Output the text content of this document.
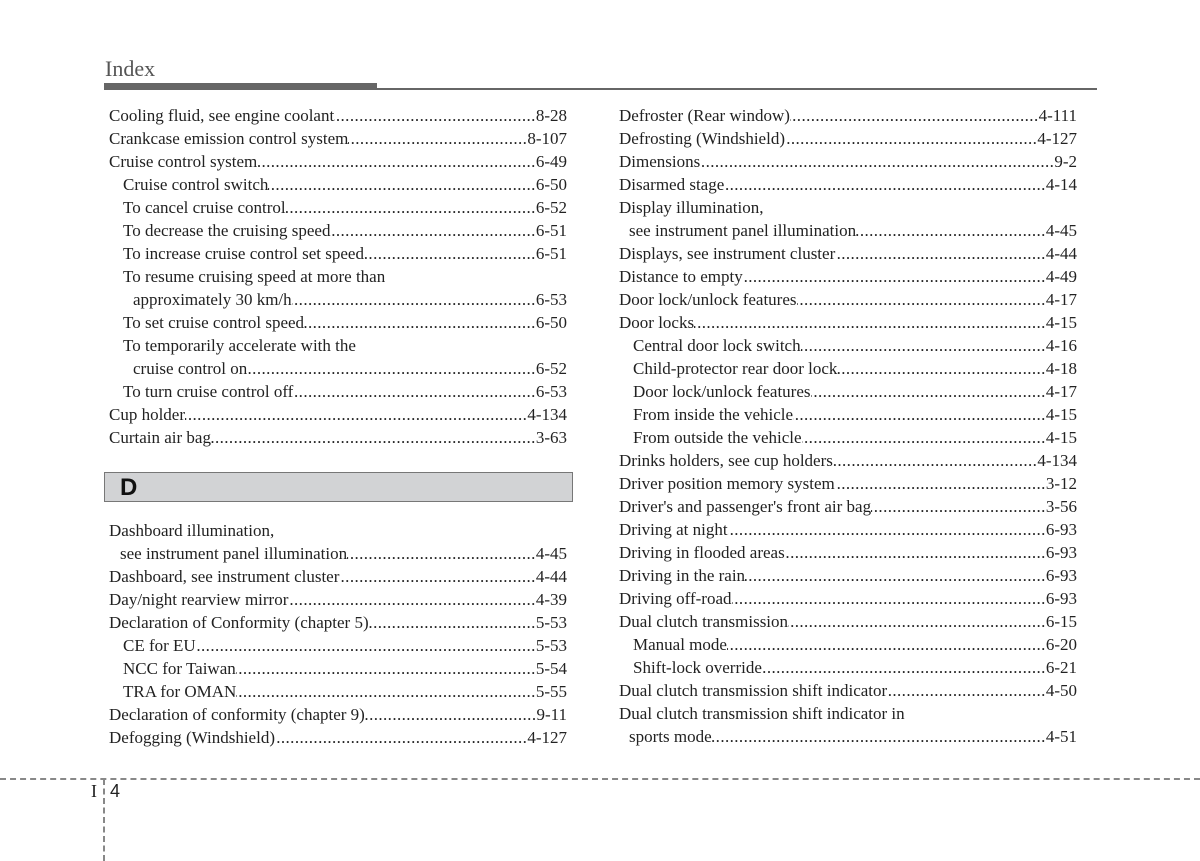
Index
Cooling fluid, see engine coolant .....	8-28
Crankcase emission control system .....	8-107
Cruise control system .....	6-49
Cruise control switch .....	6-50
To cancel cruise control .....	6-52
To decrease the cruising speed .....	6-51
To increase cruise control set speed .....	6-51
To resume cruising speed at more than
approximately 30 km/h .....	6-53
To set cruise control speed .....	6-50
To temporarily accelerate with the
cruise control on .....	6-52
To turn cruise control off .....	6-53
Cup holder .....	4-134
Curtain air bag .....	3-63
D
Dashboard illumination,
see instrument panel illumination .....	4-45
Dashboard, see instrument cluster .....	4-44
Day/night rearview mirror .....	4-39
Declaration of Conformity (chapter 5) .....	5-53
CE for EU .....	5-53
NCC for Taiwan .....	5-54
TRA for OMAN .....	5-55
Declaration of conformity (chapter 9) .....	9-11
Defogging (Windshield) .....	4-127
Defroster (Rear window) .....	4-111
Defrosting (Windshield) .....	4-127
Dimensions .....	9-2
Disarmed stage .....	4-14
Display illumination,
see instrument panel illumination .....	4-45
Displays, see instrument cluster .....	4-44
Distance to empty .....	4-49
Door lock/unlock features .....	4-17
Door locks .....	4-15
Central door lock switch .....	4-16
Child-protector rear door lock .....	4-18
Door lock/unlock features .....	4-17
From inside the vehicle .....	4-15
From outside the vehicle .....	4-15
Drinks holders, see cup holders .....	4-134
Driver position memory system .....	3-12
Driver's and passenger's front air bag .....	3-56
Driving at night .....	6-93
Driving in flooded areas .....	6-93
Driving in the rain .....	6-93
Driving off-road .....	6-93
Dual clutch transmission .....	6-15
Manual mode .....	6-20
Shift-lock override .....	6-21
Dual clutch transmission shift indicator .....	4-50
Dual clutch transmission shift indicator in
sports mode .....	4-51
I 4
